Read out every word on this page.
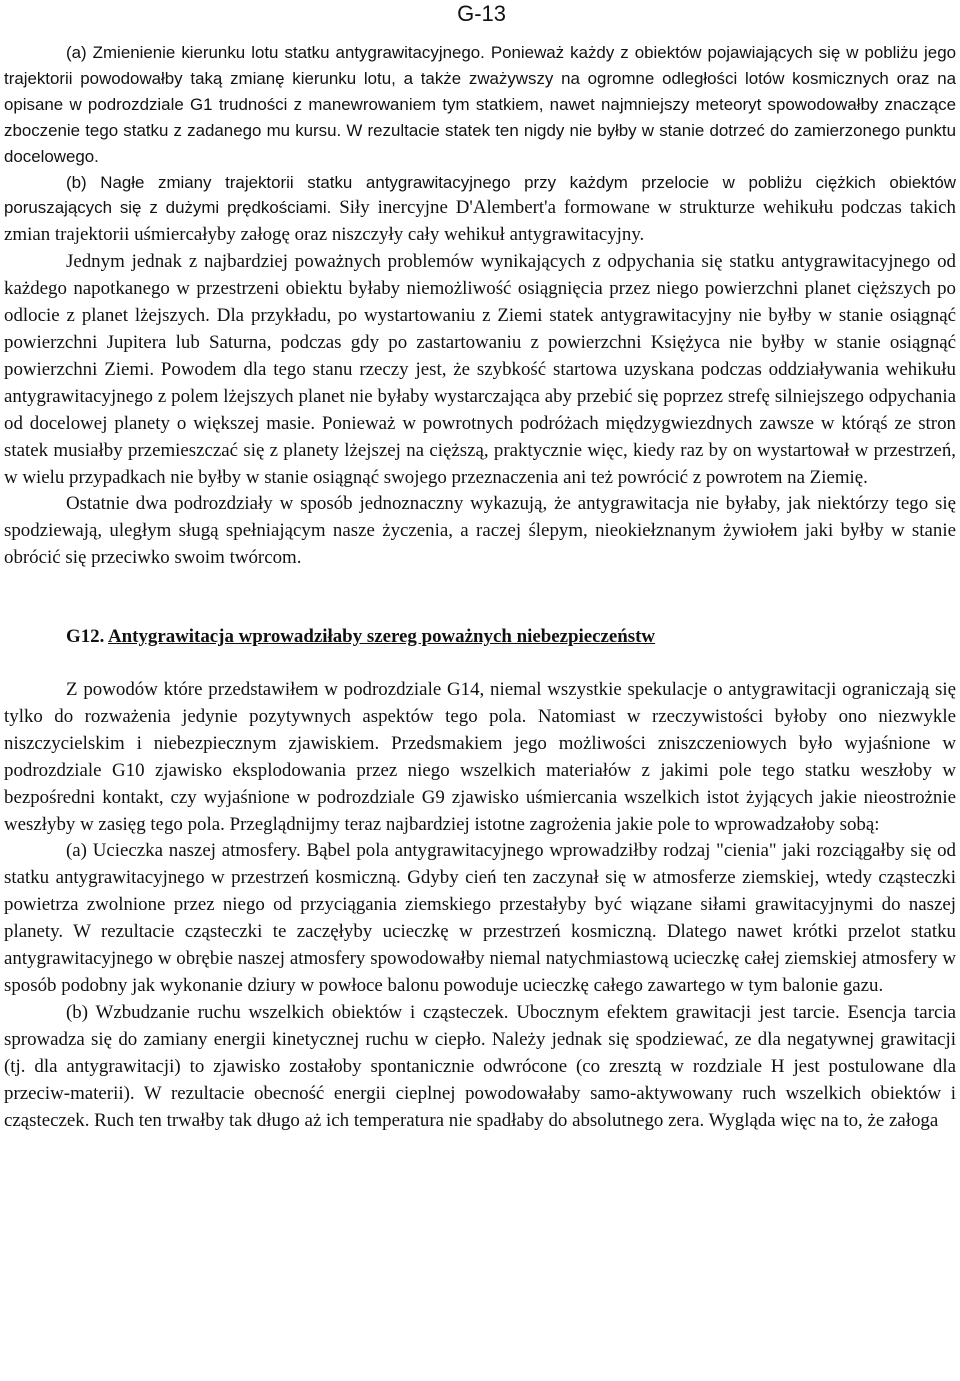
G-13

(a) Zmienienie kierunku lotu statku antygrawitacyjnego. Ponieważ każdy z obiektów pojawiających się w pobliżu jego trajektorii powodowałby taką zmianę kierunku lotu, a także zważywszy na ogromne odległości lotów kosmicznych oraz na opisane w podrozdziale G1 trudności z manewrowaniem tym statkiem, nawet najmniejszy meteoryt spowodowałby znaczące zboczenie tego statku z zadanego mu kursu. W rezultacie statek ten nigdy nie byłby w stanie dotrzeć do zamierzonego punktu docelowego.

(b) Nagłe zmiany trajektorii statku antygrawitacyjnego przy każdym przelocie w pobliżu ciężkich obiektów poruszających się z dużymi prędkościami. Siły inercyjne D'Alembert'a formowane w strukturze wehikułu podczas takich zmian trajektorii uśmiercałyby załogę oraz niszczyły cały wehikuł antygrawitacyjny.

Jednym jednak z najbardziej poważnych problemów wynikających z odpychania się statku antygrawitacyjnego od każdego napotkanego w przestrzeni obiektu byłaby niemożliwość osiągnięcia przez niego powierzchni planet cięższych po odlocie z planet lżejszych. Dla przykładu, po wystartowaniu z Ziemi statek antygrawitacyjny nie byłby w stanie osiągnąć powierzchni Jupitera lub Saturna, podczas gdy po zastartowaniu z powierzchni Księżyca nie byłby w stanie osiągnąć powierzchni Ziemi. Powodem dla tego stanu rzeczy jest, że szybkość startowa uzyskana podczas oddziaływania wehikułu antygrawitacyjnego z polem lżejszych planet nie byłaby wystarczająca aby przebić się poprzez strefę silniejszego odpychania od docelowej planety o większej masie. Ponieważ w powrotnych podróżach międzygwiezdnych zawsze w którąś ze stron statek musiałby przemieszczać się z planety lżejszej na cięższą, praktycznie więc, kiedy raz by on wystartował w przestrzeń, w wielu przypadkach nie byłby w stanie osiągnąć swojego przeznaczenia ani też powrócić z powrotem na Ziemię.

Ostatnie dwa podrozdziały w sposób jednoznaczny wykazują, że antygrawitacja nie byłaby, jak niektórzy tego się spodziewają, uległym sługą spełniającym nasze życzenia, a raczej ślepym, nieokiełznanym żywiołem jaki byłby w stanie obrócić się przeciwko swoim twórcom.

G12. Antygrawitacja wprowadziłaby szereg poważnych niebezpieczeństw

Z powodów które przedstawiłem w podrozdziale G14, niemal wszystkie spekulacje o antygrawitacji ograniczają się tylko do rozważenia jedynie pozytywnych aspektów tego pola. Natomiast w rzeczywistości byłoby ono niezwykle niszczycielskim i niebezpiecznym zjawiskiem. Przedsmakiem jego możliwości zniszczeniowych było wyjaśnione w podrozdziale G10 zjawisko eksplodowania przez niego wszelkich materiałów z jakimi pole tego statku weszłoby w bezpośredni kontakt, czy wyjaśnione w podrozdziale G9 zjawisko uśmiercania wszelkich istot żyjących jakie nieostrożnie weszłyby w zasięg tego pola. Przeglądnijmy teraz najbardziej istotne zagrożenia jakie pole to wprowadzałoby sobą:

(a) Ucieczka naszej atmosfery. Bąbel pola antygrawitacyjnego wprowadziłby rodzaj "cienia" jaki rozciągałby się od statku antygrawitacyjnego w przestrzeń kosmiczną. Gdyby cień ten zaczynał się w atmosferze ziemskiej, wtedy cząsteczki powietrza zwolnione przez niego od przyciągania ziemskiego przestałyby być wiązane siłami grawitacyjnymi do naszej planety. W rezultacie cząsteczki te zaczęłyby ucieczkę w przestrzeń kosmiczną. Dlatego nawet krótki przelot statku antygrawitacyjnego w obrębie naszej atmosfery spowodowałby niemal natychmiastową ucieczkę całej ziemskiej atmosfery w sposób podobny jak wykonanie dziury w powłoce balonu powoduje ucieczkę całego zawartego w tym balonie gazu.

(b) Wzbudzanie ruchu wszelkich obiektów i cząsteczek. Ubocznym efektem grawitacji jest tarcie. Esencja tarcia sprowadza się do zamiany energii kinetycznej ruchu w ciepło. Należy jednak się spodziewać, ze dla negatywnej grawitacji (tj. dla antygrawitacji) to zjawisko zostałoby spontanicznie odwrócone (co zresztą w rozdziale H jest postulowane dla przeciw-materii). W rezultacie obecność energii cieplnej powodowałaby samo-aktywowany ruch wszelkich obiektów i cząsteczek. Ruch ten trwałby tak długo aż ich temperatura nie spadłaby do absolutnego zera. Wygląda więc na to, że załoga
